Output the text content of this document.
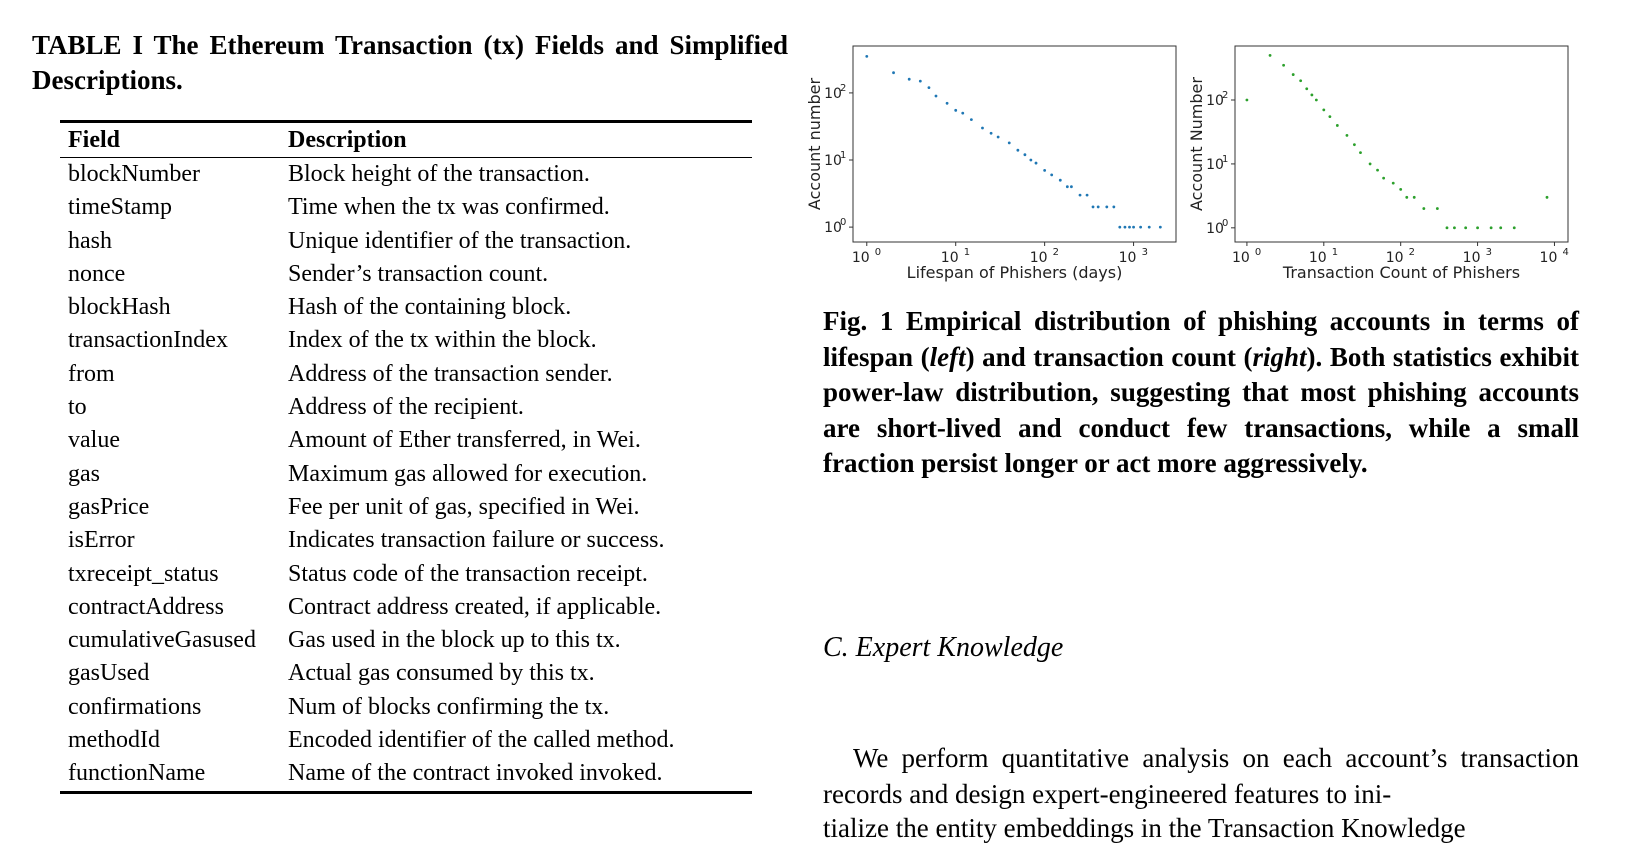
TABLE I The Ethereum Transaction (tx) Fields and Simplified Descriptions.
Field	Description
blockNumber	Block height of the transaction.
timeStamp	Time when the tx was confirmed.
hash	Unique identifier of the transaction.
nonce	Sender’s transaction count.
blockHash	Hash of the containing block.
transactionIndex	Index of the tx within the block.
from	Address of the transaction sender.
to	Address of the recipient.
value	Amount of Ether transferred, in Wei.
gas	Maximum gas allowed for execution.
gasPrice	Fee per unit of gas, specified in Wei.
isError	Indicates transaction failure or success.
txreceipt_status	Status code of the transaction receipt.
contractAddress	Contract address created, if applicable.
cumulativeGasused	Gas used in the block up to this tx.
gasUsed	Actual gas consumed by this tx.
confirmations	Num of blocks confirming the tx.
methodId	Encoded identifier of the called method.
functionName	Name of the contract invoked invoked.
10 0	10 1	10 2	10 3
10
0
10
1
10
2
Lifespan of Phishers (days)
Account number
10 0	10 1	10 2	10 3	10 4
10
0
10
1
10
2
Transaction Count of Phishers
Account Number
Fig. 1 Empirical distribution of phishing accounts in terms of lifespan (left) and transaction count (right). Both statistics exhibit power-law distribution, suggesting that most phishing accounts are short-lived and conduct few transactions, while a small fraction persist longer or act more aggressively.
C. Expert Knowledge
We perform quantitative analysis on each account’s transaction records and design expert-engineered features to ini-
tialize the entity embeddings in the Transaction Knowledge
